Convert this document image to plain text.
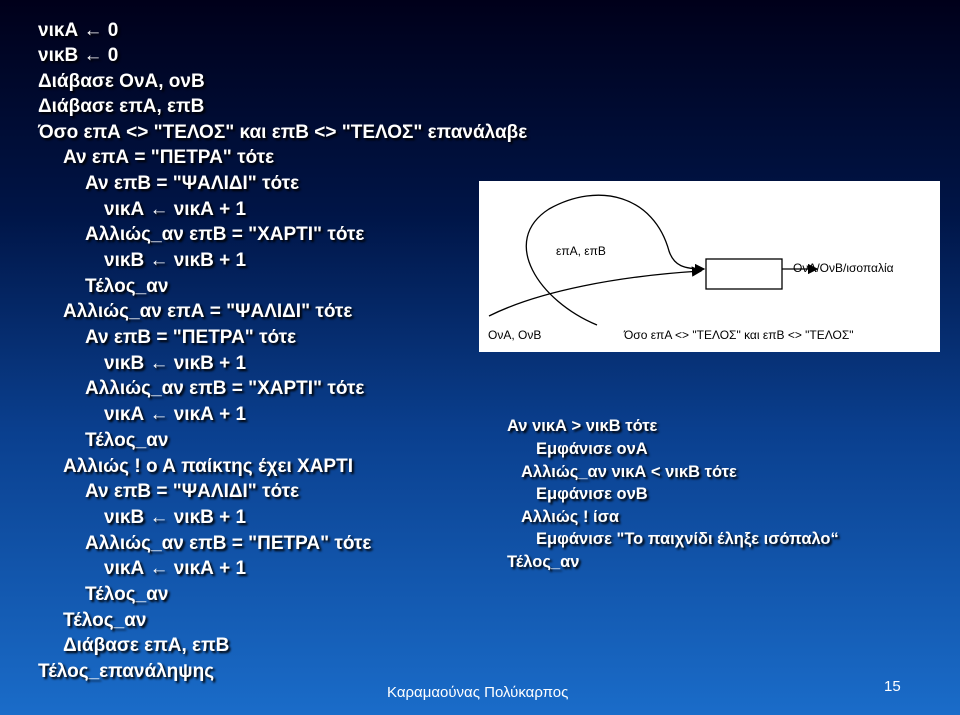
νικΑ ← 0
νικΒ ← 0
Διάβασε ΟνΑ, ονΒ
Διάβασε επΑ, επΒ
Όσο επΑ <> "ΤΕΛΟΣ" και επΒ <> "ΤΕΛΟΣ" επανάλαβε
Αν επΑ = "ΠΕΤΡΑ" τότε
Αν επΒ = "ΨΑΛΙΔΙ" τότε
νικΑ ← νικΑ + 1
Αλλιώς_αν επΒ = "ΧΑΡΤΙ" τότε
νικΒ ← νικΒ + 1
Τέλος_αν
Αλλιώς_αν επΑ = "ΨΑΛΙΔΙ" τότε
Αν επΒ = "ΠΕΤΡΑ" τότε
νικΒ ← νικΒ + 1
Αλλιώς_αν επΒ = "ΧΑΡΤΙ" τότε
νικΑ ← νικΑ + 1
Τέλος_αν
Αλλιώς ! ο Α παίκτης έχει ΧΑΡΤΙ
Αν επΒ = "ΨΑΛΙΔΙ" τότε
νικΒ ← νικΒ + 1
Αλλιώς_αν επΒ = "ΠΕΤΡΑ" τότε
νικΑ ← νικΑ + 1
Τέλος_αν
Τέλος_αν
Διάβασε επΑ, επΒ
Τέλος_επανάληψης
επΑ, επΒ
ΟνΑ/ΟνΒ/ισοπαλία
ΟνΑ, ΟνΒ	Όσο επΑ <> "ΤΕΛΟΣ" και επΒ <> "ΤΕΛΟΣ"
Αν νικΑ > νικΒ τότε
Εμφάνισε ονΑ
Αλλιώς_αν νικΑ < νικΒ τότε
Εμφάνισε ονΒ
Αλλιώς ! ίσα
Εμφάνισε "Το παιχνίδι έληξε ισόπαλο“
Τέλος_αν
Καραμαούνας Πολύκαρπος	15
